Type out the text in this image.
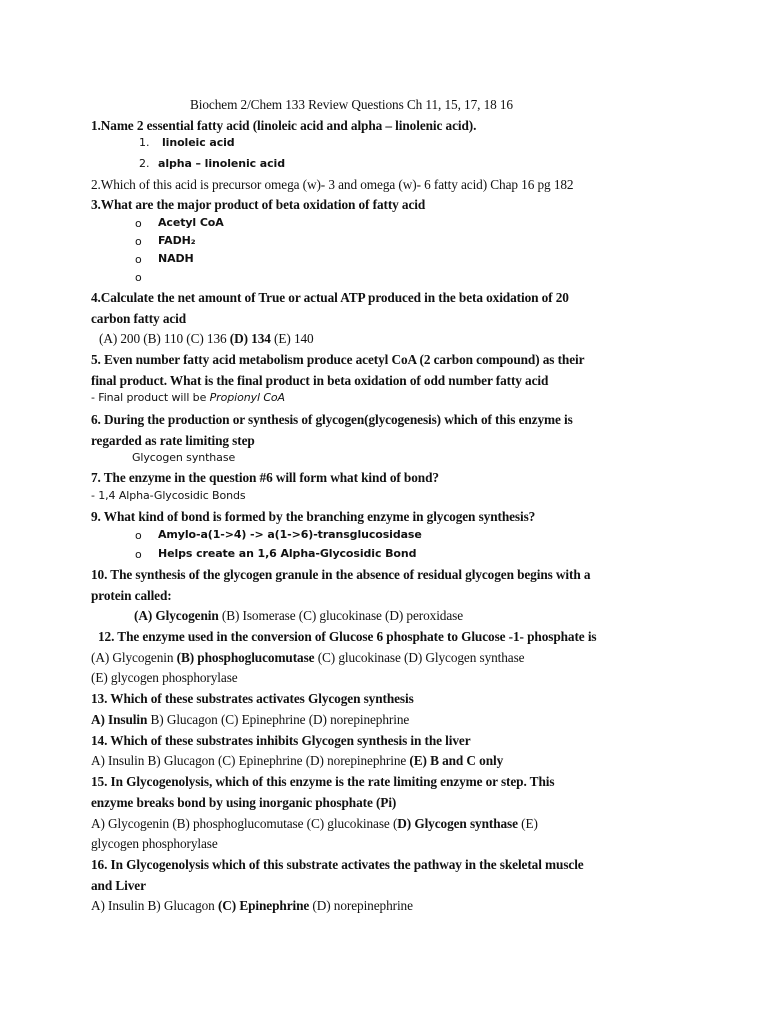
Biochem 2/Chem 133 Review Questions Ch 11, 15, 17, 18 16
1.Name 2 essential fatty acid (linoleic acid and alpha – linolenic acid).
1. linoleic acid
2. alpha – linolenic acid
2.Which of this acid is precursor omega (w)- 3 and omega (w)- 6 fatty acid) Chap 16 pg 182
3.What are the major product of beta oxidation of fatty acid
o Acetyl CoA
o FADH₂
o NADH
o
4.Calculate the net amount of True or actual ATP produced in the beta oxidation of 20
carbon fatty acid
(A) 200 (B) 110 (C) 136 (D) 134 (E) 140
5. Even number fatty acid metabolism produce acetyl CoA (2 carbon compound) as their
final product. What is the final product in beta oxidation of odd number fatty acid
- Final product will be Propionyl CoA
6. During the production or synthesis of glycogen(glycogenesis) which of this enzyme is
regarded as rate limiting step
Glycogen synthase
7. The enzyme in the question #6 will form what kind of bond?
- 1,4 Alpha-Glycosidic Bonds
9. What kind of bond is formed by the branching enzyme in glycogen synthesis?
o Amylo-a(1->4) -> a(1->6)-transglucosidase
o Helps create an 1,6 Alpha-Glycosidic Bond
10. The synthesis of the glycogen granule in the absence of residual glycogen begins with a
protein called:
(A) Glycogenin (B) Isomerase (C) glucokinase (D) peroxidase
12. The enzyme used in the conversion of Glucose 6 phosphate to Glucose -1- phosphate is
(A) Glycogenin (B) phosphoglucomutase (C) glucokinase (D) Glycogen synthase
(E) glycogen phosphorylase
13. Which of these substrates activates Glycogen synthesis
A) Insulin B) Glucagon (C) Epinephrine (D) norepinephrine
14. Which of these substrates inhibits Glycogen synthesis in the liver
A) Insulin B) Glucagon (C) Epinephrine (D) norepinephrine (E) B and C only
15. In Glycogenolysis, which of this enzyme is the rate limiting enzyme or step. This
enzyme breaks bond by using inorganic phosphate (Pi)
A) Glycogenin (B) phosphoglucomutase (C) glucokinase (D) Glycogen synthase (E)
glycogen phosphorylase
16. In Glycogenolysis which of this substrate activates the pathway in the skeletal muscle
and Liver
A) Insulin B) Glucagon (C) Epinephrine (D) norepinephrine
